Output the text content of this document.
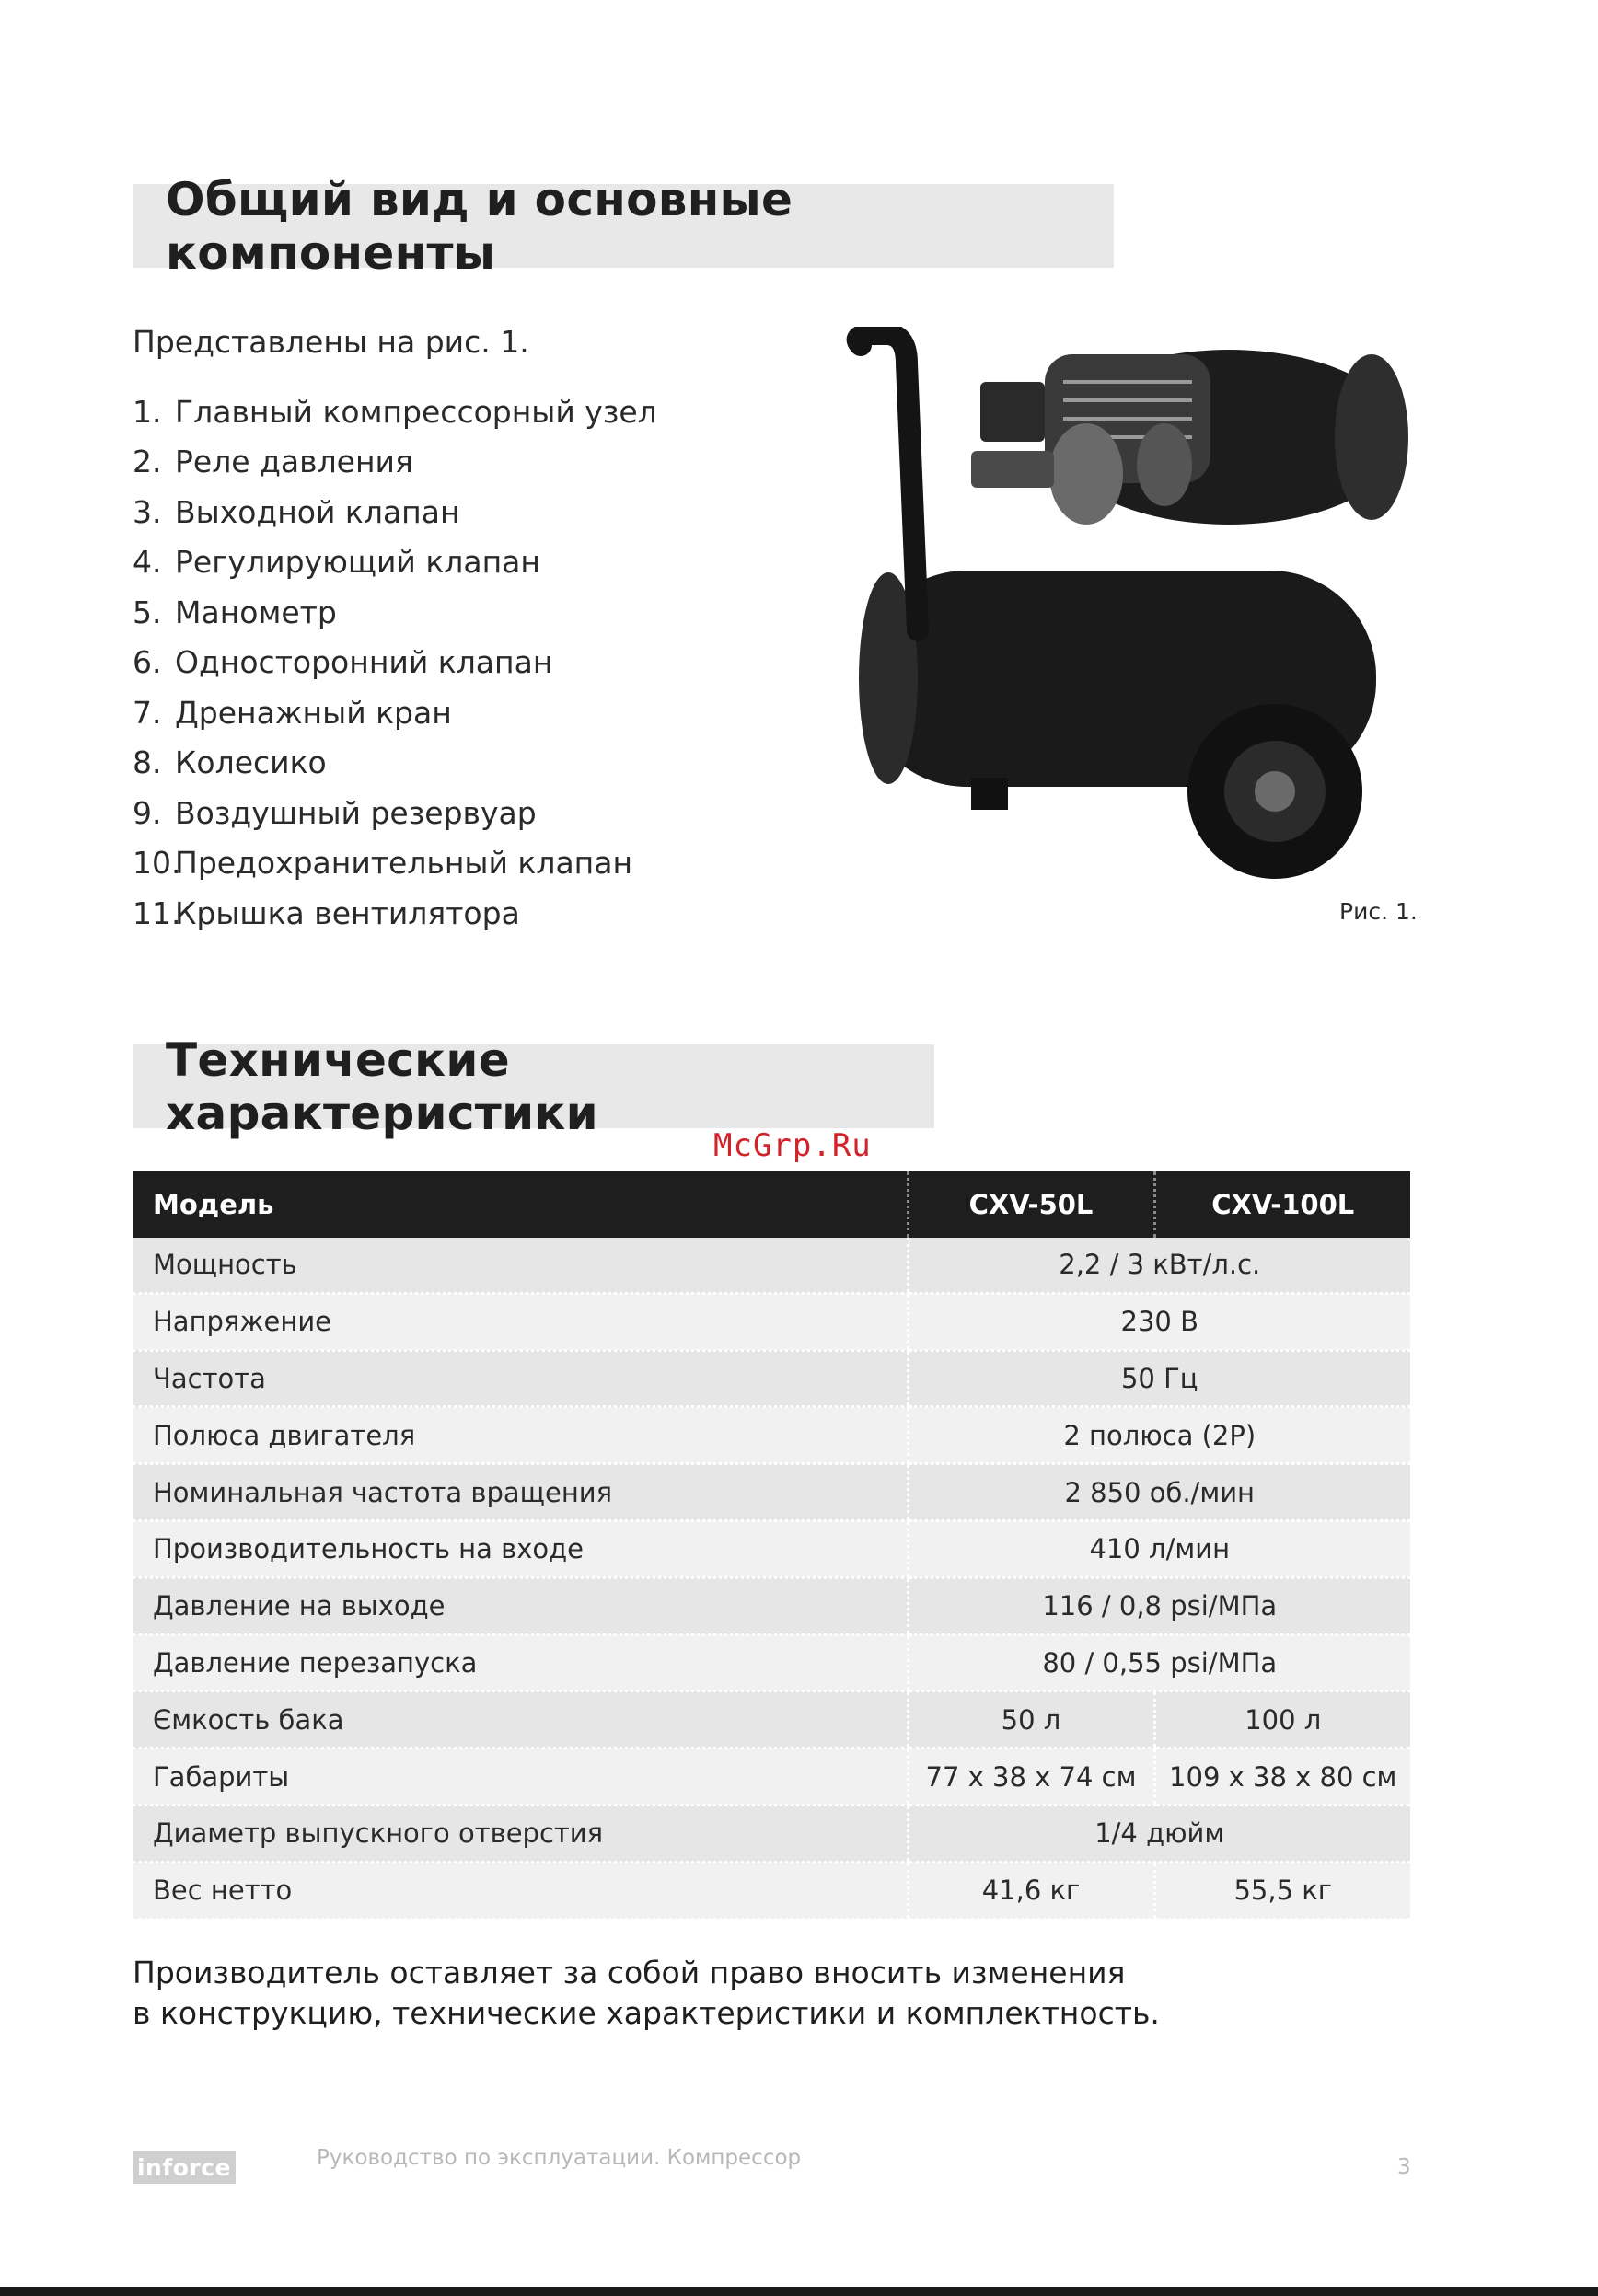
Общий вид и основные компоненты
Представлены на рис. 1.
1. Главный компрессорный узел
2. Реле давления
3. Выходной клапан
4. Регулирующий клапан
5. Манометр
6. Односторонний клапан
7. Дренажный кран
8. Колесико
9. Воздушный резервуар
10.
Предохранительный клапан
11.
Крышка вентилятора	Рис. 1.
Технические характеристики
McGrp.Ru
Модель	CXV-50L	CXV-100L
Мощность	2,2 / 3 кВт/л.с.	
Напряжение	230 В	
Частота	50 Гц	
Полюса двигателя	2 полюса (2P)	
Номинальная частота вращения	2 850 об./мин	
Производительность на входе	410 л/мин	
Давление на выходе	116 / 0,8 psi/МПа	
Давление перезапуска	80 / 0,55 psi/МПа	
Ємкость бака	50 л	100 л
Габариты	77 x 38 x 74 см	109 x 38 x 80 см
Диаметр выпускного отверстия	1/4 дюйм	
Вес нетто	41,6 кг	55,5 кг
Производитель оставляет за собой право вносить изменения
в конструкцию, технические характеристики и комплектность.
inforce	Руководство по эксплуатации. Компрессор	3
